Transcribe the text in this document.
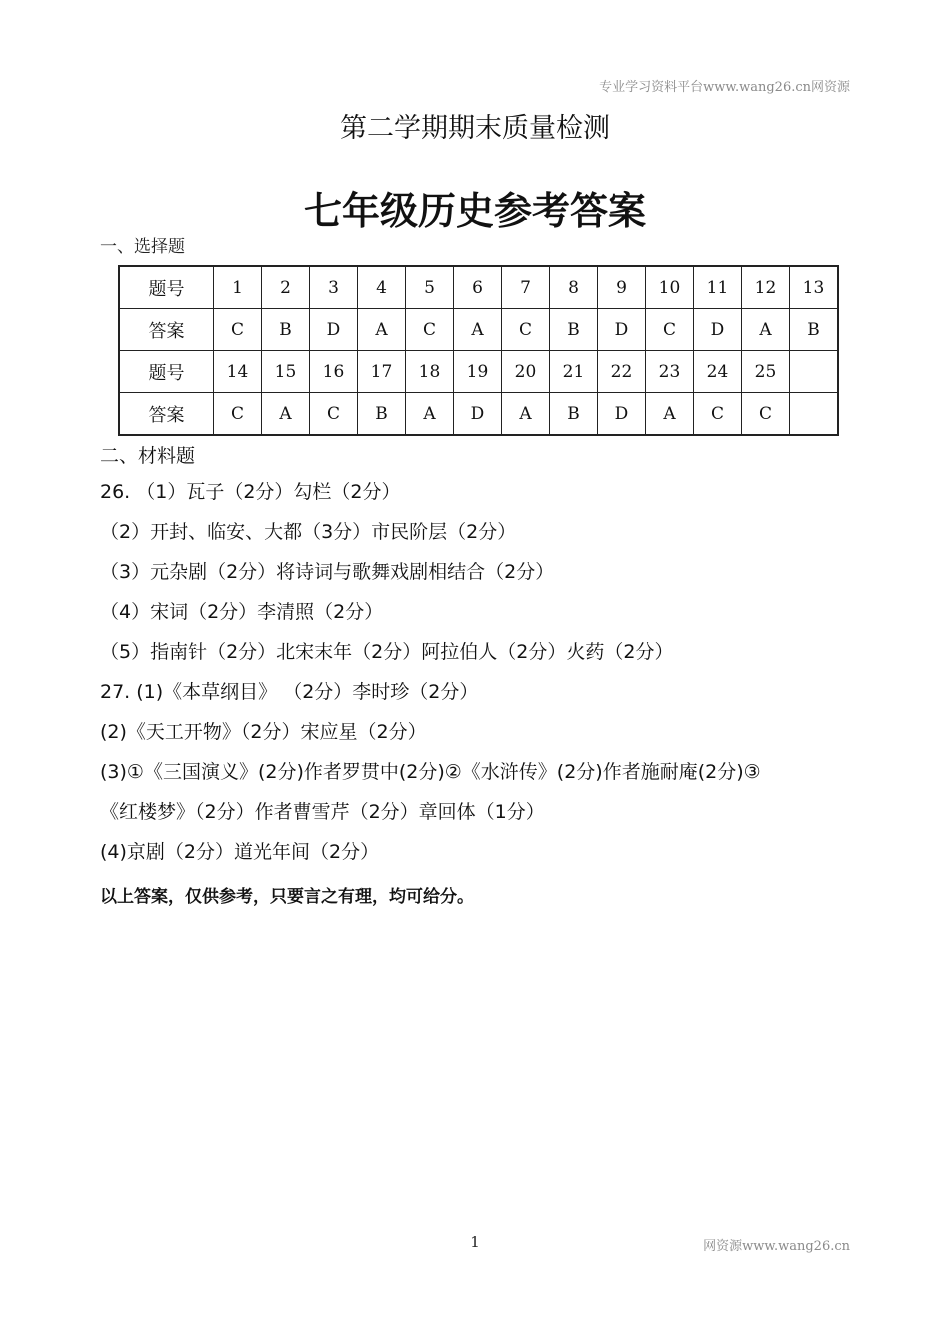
专业学习资料平台www.wang26.cn网资源
第二学期期末质量检测
七年级历史参考答案
一、选择题
题号	1	2	3	4	5	6	7	8	9	10	11	12	13
答案	C	B	D	A	C	A	C	B	D	C	D	A	B
题号	14	15	16	17	18	19	20	21	22	23	24	25	
答案	C	A	C	B	A	D	A	B	D	A	C	C	
二、材料题
26. （1）瓦子（2分）勾栏（2分）
（2）开封、临安、大都（3分）市民阶层（2分）
（3）元杂剧（2分）将诗词与歌舞戏剧相结合（2分）
（4）宋词（2分）李清照（2分）
（5）指南针（2分）北宋末年（2分）阿拉伯人（2分）火药（2分）
27. (1)《本草纲目》 （2分）李时珍（2分）
(2)《天工开物》（2分）宋应星（2分）
(3)①《三国演义》(2分)作者罗贯中(2分)②《水浒传》(2分)作者施耐庵(2分)③
《红楼梦》（2分）作者曹雪芹（2分）章回体（1分）
(4)京剧（2分）道光年间（2分）
以上答案，仅供参考，只要言之有理，均可给分。
1	网资源www.wang26.cn
